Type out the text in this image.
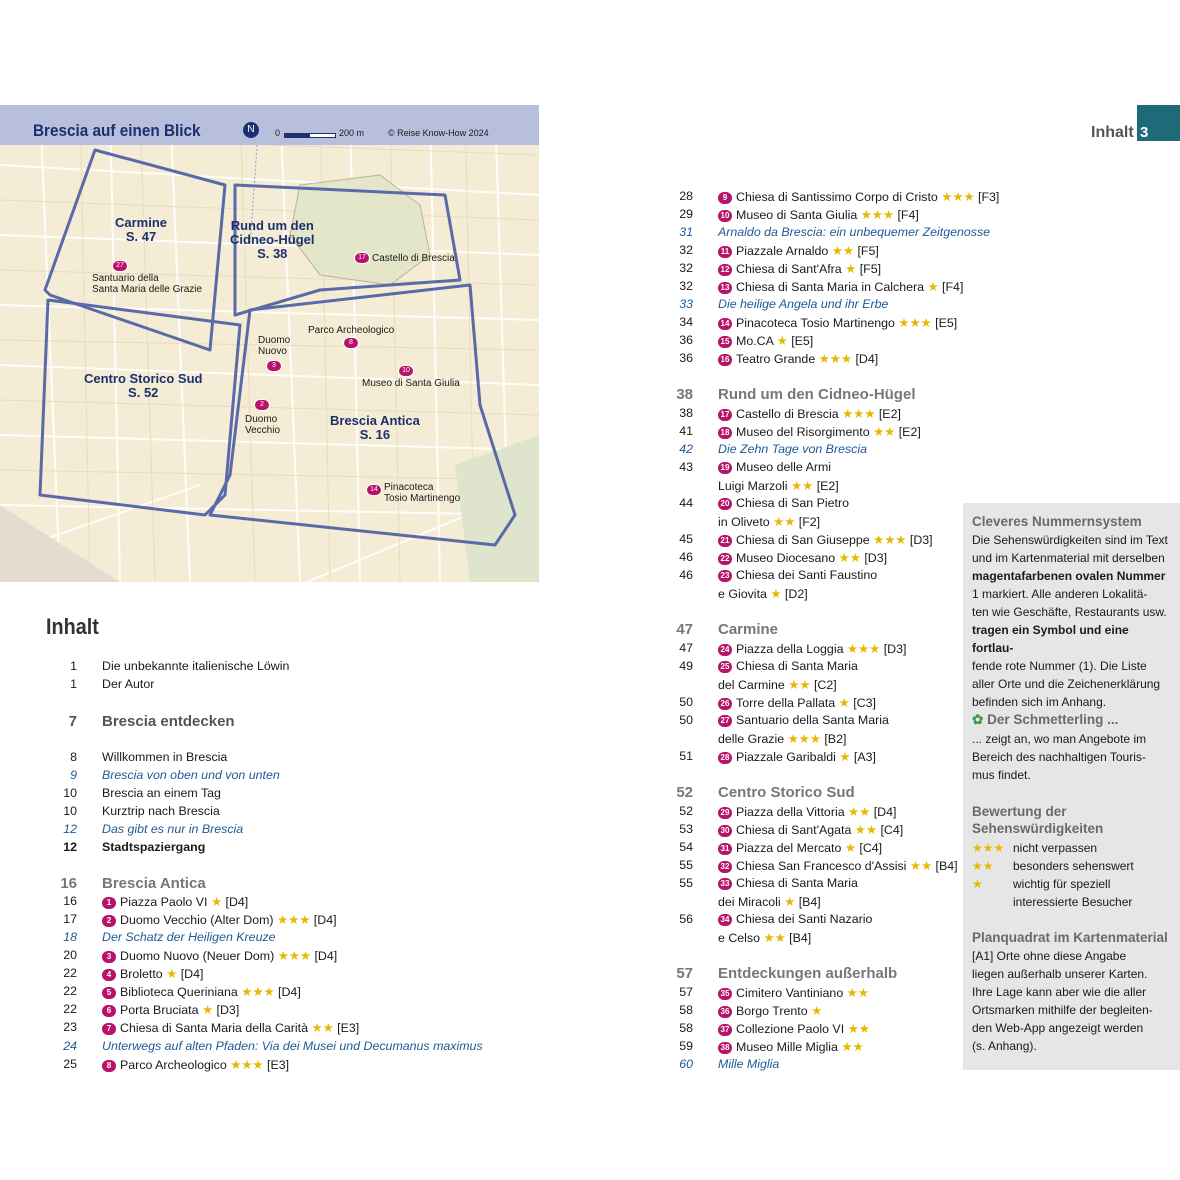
Brescia auf einen Blick	N	0	200 m	© Reise Know-How 2024
Carmine
S. 47
Rund um den
Cidneo-Hügel
S. 38
Centro Storico Sud
S. 52
Brescia Antica
S. 16
17 Castello di Brescia
27
Santuario della
Santa Maria delle Grazie
8
Parco Archeologico
3
Duomo
Nuovo
10
Museo di Santa Giulia
2
Duomo
Vecchio
14 Pinacoteca
Tosio Martinengo
Inhalt 3
Inhalt
1 Die unbekannte italienische Löwin
1 Der Autor
7 Brescia entdecken
8 Willkommen in Brescia
9 Brescia von oben und von unten
10 Brescia an einem Tag
10 Kurztrip nach Brescia
12 Das gibt es nur in Brescia
12 Stadtspaziergang
16 Brescia Antica
16	1 Piazza Paolo VI ★ [D4]
17	2 Duomo Vecchio (Alter Dom) ★★★ [D4]
18 Der Schatz der Heiligen Kreuze
20	3 Duomo Nuovo (Neuer Dom) ★★★ [D4]
22	4 Broletto ★ [D4]
22	5 Biblioteca Queriniana ★★★ [D4]
22	6 Porta Bruciata ★ [D3]
23	7 Chiesa di Santa Maria della Carità ★★ [E3]
24 Unterwegs auf alten Pfaden: Via dei Musei und Decumanus maximus
25	8 Parco Archeologico ★★★ [E3]
28	9 Chiesa di Santissimo Corpo di Cristo ★★★ [F3]
29	10 Museo di Santa Giulia ★★★ [F4]
31 Arnaldo da Brescia: ein unbequemer Zeitgenosse
32	11 Piazzale Arnaldo ★★ [F5]
32	12 Chiesa di Sant'Afra ★ [F5]
32	13 Chiesa di Santa Maria in Calchera ★ [F4]
33 Die heilige Angela und ihr Erbe
34	14 Pinacoteca Tosio Martinengo ★★★ [E5]
36	15 Mo.CA ★ [E5]
36	16 Teatro Grande ★★★ [D4]
38 Rund um den Cidneo-Hügel
38	17 Castello di Brescia ★★★ [E2]
41	18 Museo del Risorgimento ★★ [E2]
42 Die Zehn Tage von Brescia
43	19 Museo delle Armi
Luigi Marzoli ★★ [E2]
44	20 Chiesa di San Pietro
in Oliveto ★★ [F2]
45	21 Chiesa di San Giuseppe ★★★ [D3]
46	22 Museo Diocesano ★★ [D3]
46	23 Chiesa dei Santi Faustino
e Giovita ★ [D2]
47 Carmine
47	24 Piazza della Loggia ★★★ [D3]
49	25 Chiesa di Santa Maria
del Carmine ★★ [C2]
50	26 Torre della Pallata ★ [C3]
50	27 Santuario della Santa Maria
delle Grazie ★★★ [B2]
51	28 Piazzale Garibaldi ★ [A3]
52 Centro Storico Sud
52	29 Piazza della Vittoria ★★ [D4]
53	30 Chiesa di Sant'Agata ★★ [C4]
54	31 Piazza del Mercato ★ [C4]
55	32 Chiesa San Francesco d'Assisi ★★ [B4]
55	33 Chiesa di Santa Maria
dei Miracoli ★ [B4]
56	34 Chiesa dei Santi Nazario
e Celso ★★ [B4]
57 Entdeckungen außerhalb
57	35 Cimitero Vantiniano ★★
58	36 Borgo Trento ★
58	37 Collezione Paolo VI ★★
59	38 Museo Mille Miglia ★★
60 Mille Miglia
Cleveres Nummernsystem
Die Sehenswürdigkeiten sind im Text
und im Kartenmaterial mit derselben
magentafarbenen ovalen Nummer
1 markiert. Alle anderen Lokalitä-
ten wie Geschäfte, Restaurants usw.
tragen ein Symbol und eine fortlau-
fende rote Nummer (1). Die Liste
aller Orte und die Zeichenerklärung
befinden sich im Anhang.
✿ Der Schmetterling ...
... zeigt an, wo man Angebote im
Bereich des nachhaltigen Touris-
mus findet.
Bewertung der
Sehenswürdigkeiten
★★★ nicht verpassen
★★ besonders sehenswert
★	wichtig für speziell
interessierte Besucher
Planquadrat im Kartenmaterial
[A1] Orte ohne diese Angabe
liegen außerhalb unserer Karten.
Ihre Lage kann aber wie die aller
Ortsmarken mithilfe der begleiten-
den Web-App angezeigt werden
(s. Anhang).
